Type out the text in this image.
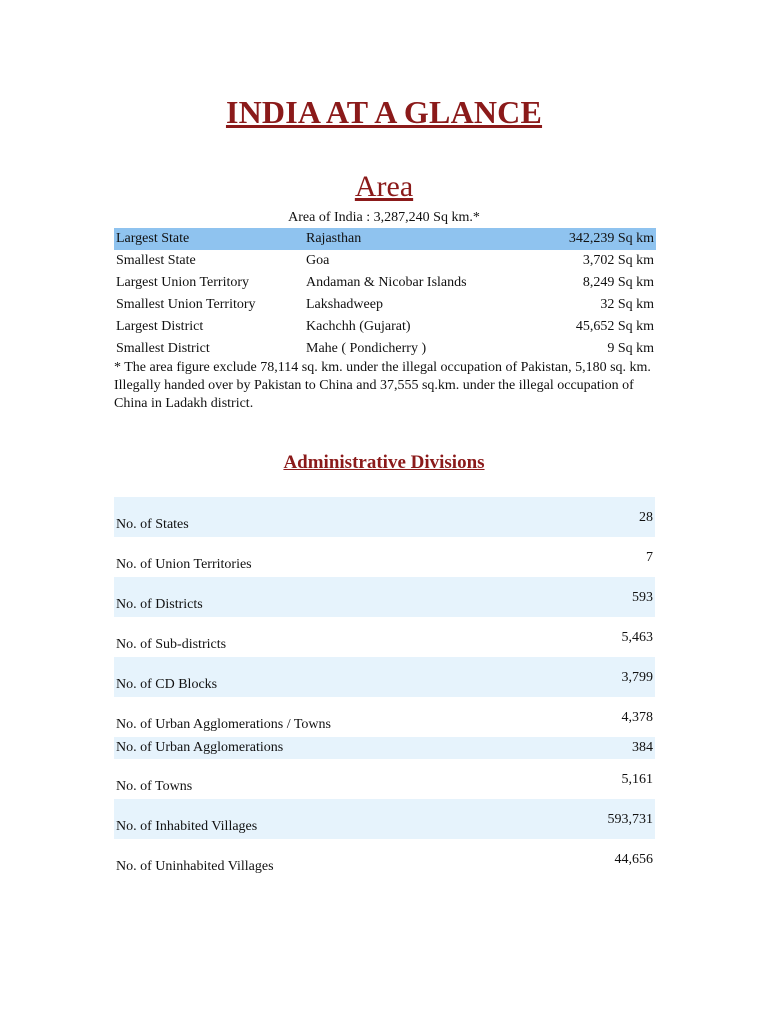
INDIA AT A GLANCE
Area
Area of India : 3,287,240 Sq km.*
Largest State	Rajasthan	342,239 Sq km
Smallest State	Goa	3,702 Sq km
Largest Union Territory	Andaman & Nicobar Islands	8,249 Sq km
Smallest Union Territory	Lakshadweep	32 Sq km
Largest District	Kachchh (Gujarat)	45,652 Sq km
Smallest District	Mahe ( Pondicherry )	9 Sq km

* The area figure exclude 78,114 sq. km. under the illegal occupation of Pakistan, 5,180 sq. km. Illegally handed over by Pakistan to China and 37,555 sq.km. under the illegal occupation of China in Ladakh district.

Administrative Divisions
No. of States	28
No. of Union Territories	7
No. of Districts	593
No. of Sub-districts	5,463
No. of CD Blocks	3,799
No. of Urban Agglomerations / Towns	4,378
No. of Urban Agglomerations	384
No. of Towns	5,161
No. of Inhabited Villages	593,731
No. of Uninhabited Villages	44,656
